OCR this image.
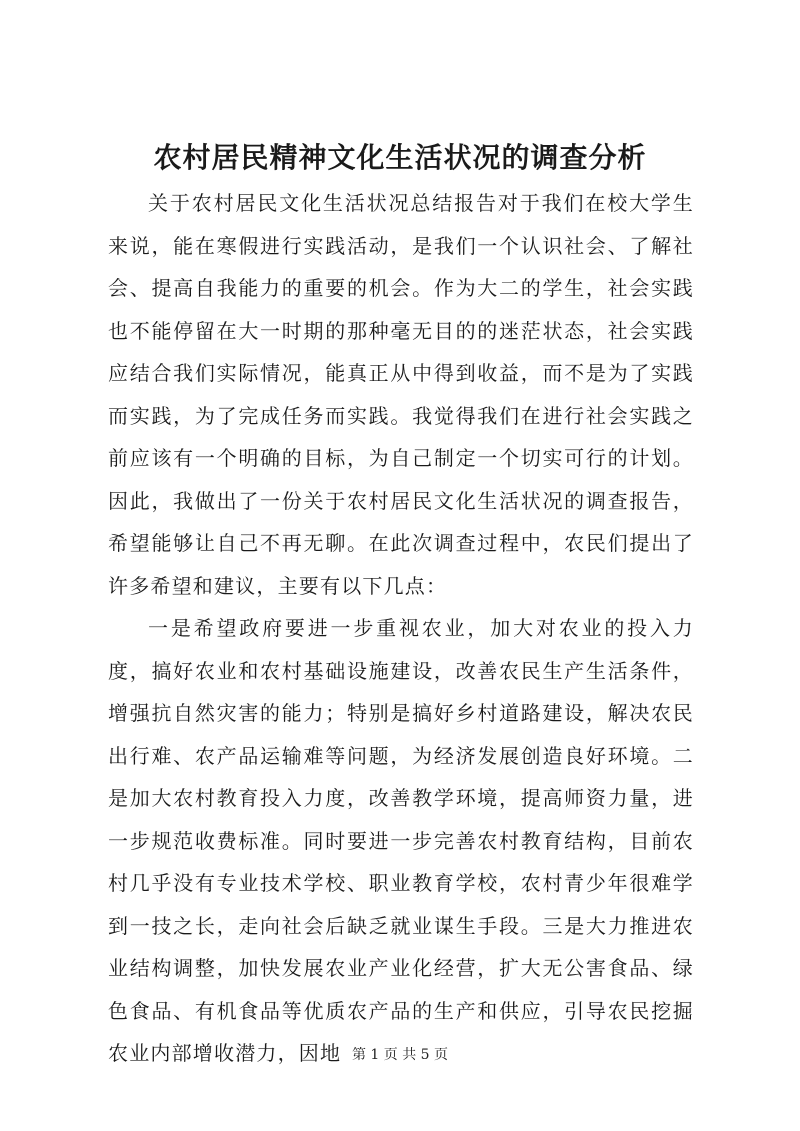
农村居民精神文化生活状况的调查分析

关于农村居民文化生活状况总结报告对于我们在校大学生来说，能在寒假进行实践活动，是我们一个认识社会、了解社会、提高自我能力的重要的机会。作为大二的学生，社会实践也不能停留在大一时期的那种毫无目的的迷茫状态，社会实践应结合我们实际情况，能真正从中得到收益，而不是为了实践而实践，为了完成任务而实践。我觉得我们在进行社会实践之前应该有一个明确的目标，为自己制定一个切实可行的计划。因此，我做出了一份关于农村居民文化生活状况的调查报告，希望能够让自己不再无聊。在此次调查过程中，农民们提出了许多希望和建议，主要有以下几点：

一是希望政府要进一步重视农业，加大对农业的投入力度，搞好农业和农村基础设施建设，改善农民生产生活条件，增强抗自然灾害的能力；特别是搞好乡村道路建设，解决农民出行难、农产品运输难等问题，为经济发展创造良好环境。二是加大农村教育投入力度，改善教学环境，提高师资力量，进一步规范收费标准。同时要进一步完善农村教育结构，目前农村几乎没有专业技术学校、职业教育学校，农村青少年很难学到一技之长，走向社会后缺乏就业谋生手段。三是大力推进农业结构调整，加快发展农业产业化经营，扩大无公害食品、绿色食品、有机食品等优质农产品的生产和供应，引导农民挖掘农业内部增收潜力，因地 第 1 页 共 5 页
